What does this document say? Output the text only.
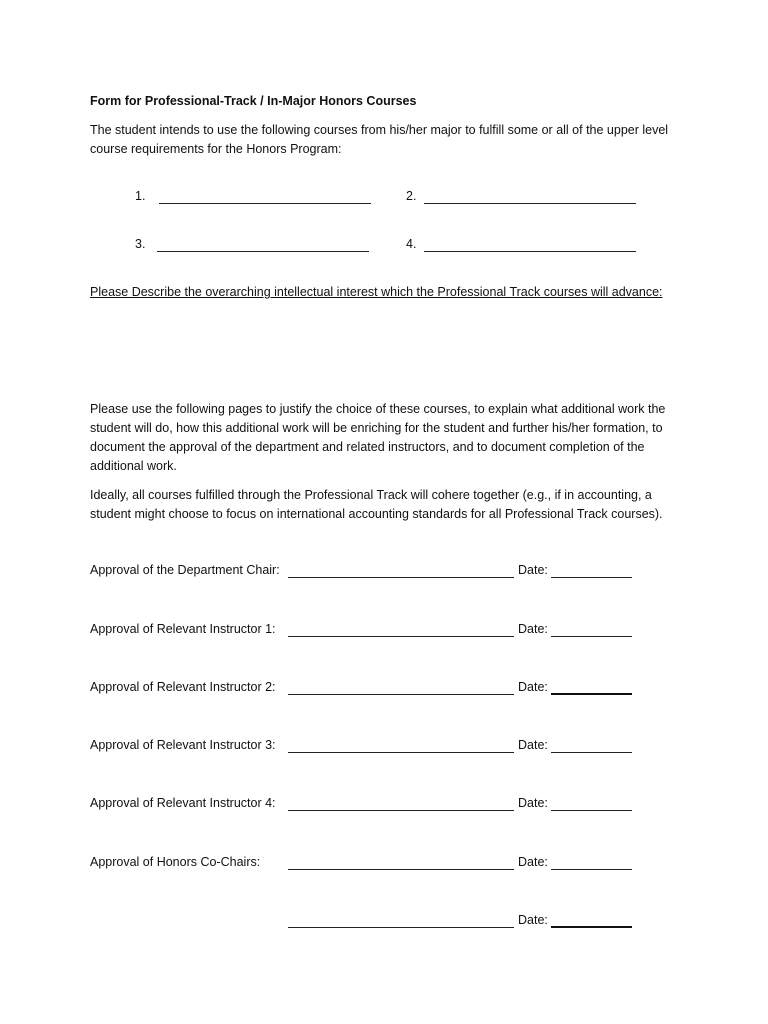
Form for Professional-Track / In-Major Honors Courses
The student intends to use the following courses from his/her major to fulfill some or all of the upper level course requirements for the Honors Program:
1.	2.
3.	4.
Please Describe the overarching intellectual interest which the Professional Track courses will advance:
Please use the following pages to justify the choice of these courses, to explain what additional work the student will do, how this additional work will be enriching for the student and further his/her formation, to document the approval of the department and related instructors, and to document completion of the additional work.
Ideally, all courses fulfilled through the Professional Track will cohere together (e.g., if in accounting, a student might choose to focus on international accounting standards for all Professional Track courses).
Approval of the Department Chair:	Date:
Approval of Relevant Instructor 1:	Date:
Approval of Relevant Instructor 2:	Date:
Approval of Relevant Instructor 3:	Date:
Approval of Relevant Instructor 4:	Date:
Approval of Honors Co-Chairs:	Date:
Date:
